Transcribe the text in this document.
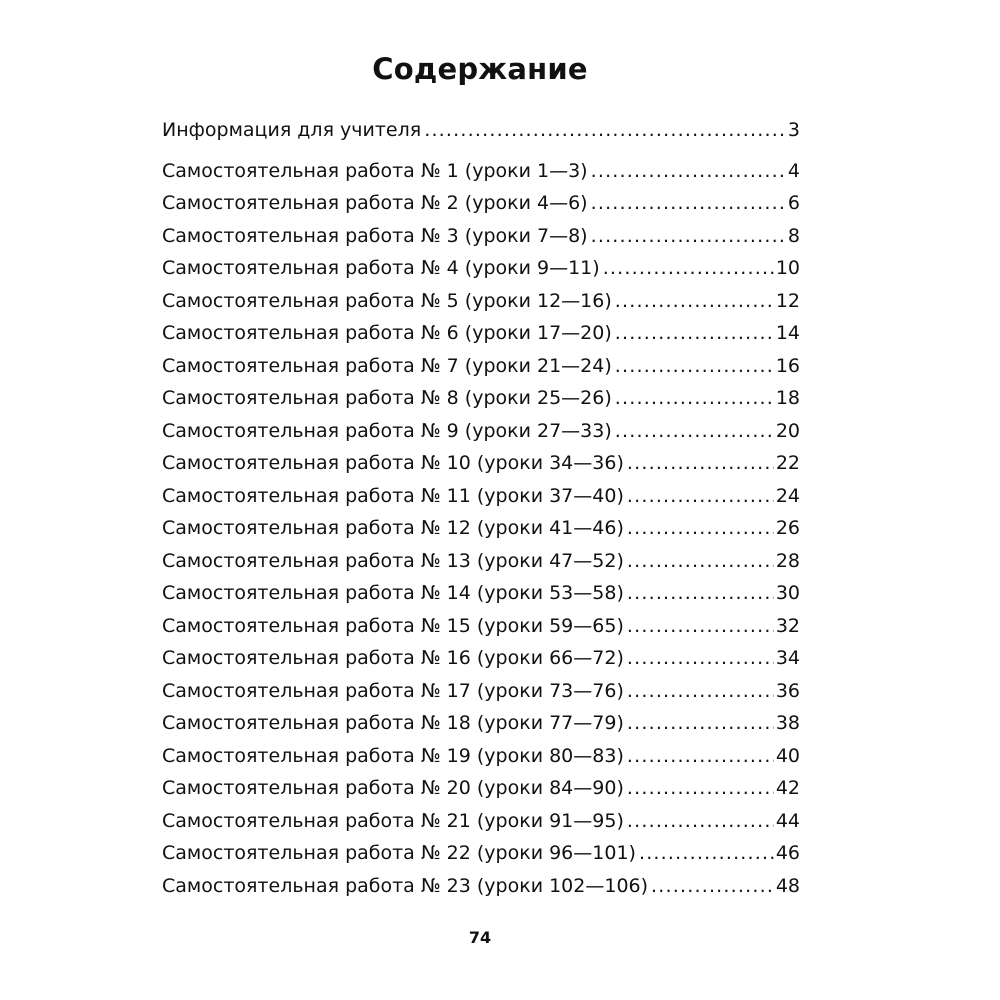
Содержание
Информация для учителя .....	3
Самостоятельная работа № 1 (уроки 1—3) .....	4
Самостоятельная работа № 2 (уроки 4—6) .....	6
Самостоятельная работа № 3 (уроки 7—8) .....	8
Самостоятельная работа № 4 (уроки 9—11) .....	10
Самостоятельная работа № 5 (уроки 12—16) .....	12
Самостоятельная работа № 6 (уроки 17—20) .....	14
Самостоятельная работа № 7 (уроки 21—24) .....	16
Самостоятельная работа № 8 (уроки 25—26) .....	18
Самостоятельная работа № 9 (уроки 27—33) .....	20
Самостоятельная работа № 10 (уроки 34—36) .....	22
Самостоятельная работа № 11 (уроки 37—40) .....	24
Самостоятельная работа № 12 (уроки 41—46) .....	26
Самостоятельная работа № 13 (уроки 47—52) .....	28
Самостоятельная работа № 14 (уроки 53—58) .....	30
Самостоятельная работа № 15 (уроки 59—65) .....	32
Самостоятельная работа № 16 (уроки 66—72) .....	34
Самостоятельная работа № 17 (уроки 73—76) .....	36
Самостоятельная работа № 18 (уроки 77—79) .....	38
Самостоятельная работа № 19 (уроки 80—83) .....	40
Самостоятельная работа № 20 (уроки 84—90) .....	42
Самостоятельная работа № 21 (уроки 91—95) .....	44
Самостоятельная работа № 22 (уроки 96—101) .....	46
Самостоятельная работа № 23 (уроки 102—106) .....	48
74
